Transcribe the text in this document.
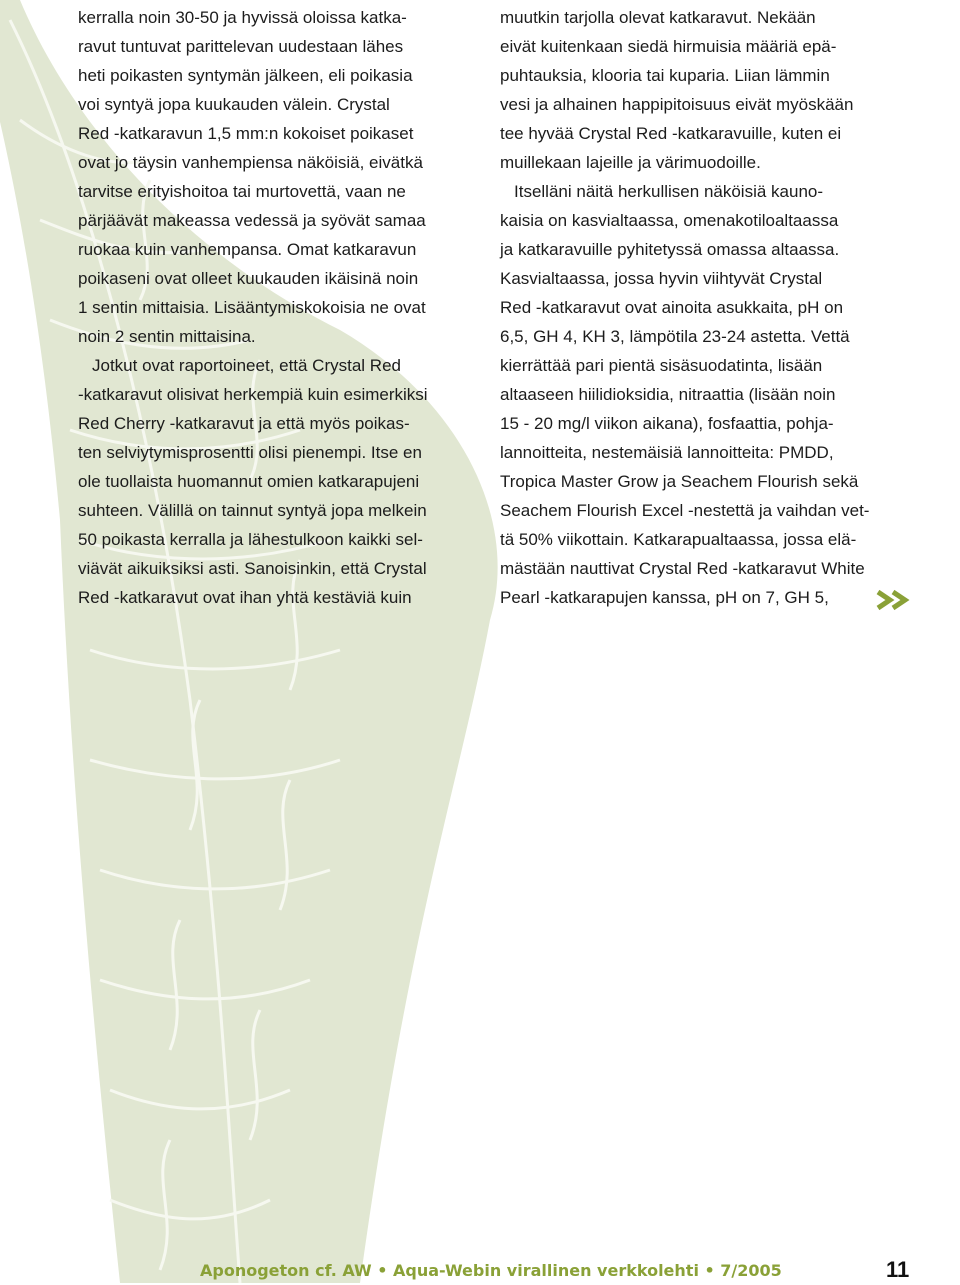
kerralla noin 30-50 ja hyvissä oloissa katka-

ravut tuntuvat parittelevan uudestaan lähes

heti poikasten syntymän jälkeen, eli poikasia

voi syntyä jopa kuukauden välein. Crystal

Red -katkaravun 1,5 mm:n kokoiset poikaset

ovat jo täysin vanhempiensa näköisiä, eivätkä

tarvitse erityishoitoa tai murtovettä, vaan ne

pärjäävät makeassa vedessä ja syövät samaa

ruokaa kuin vanhempansa. Omat katkaravun

poikaseni ovat olleet kuukauden ikäisinä noin

1 sentin mittaisia. Lisääntymiskokoisia ne ovat

noin 2 sentin mittaisina.

Jotkut ovat raportoineet, että Crystal Red

-katkaravut olisivat herkempiä kuin esimerkiksi

Red Cherry -katkaravut ja että myös poikas-

ten selviytymisprosentti olisi pienempi. Itse en

ole tuollaista huomannut omien katkarapujeni

suhteen. Välillä on tainnut syntyä jopa melkein

50 poikasta kerralla ja lähestulkoon kaikki sel-

viävät aikuiksiksi asti. Sanoisinkin, että Crystal

Red -katkaravut ovat ihan yhtä kestäviä kuin

muutkin tarjolla olevat katkaravut. Nekään

eivät kuitenkaan siedä hirmuisia määriä epä-

puhtauksia, klooria tai kuparia. Liian lämmin

vesi ja alhainen happipitoisuus eivät myöskään

tee hyvää Crystal Red -katkaravuille, kuten ei

muillekaan lajeille ja värimuodoille.

Itselläni näitä herkullisen näköisiä kauno-

kaisia on kasvialtaassa, omenakotiloaltaassa

ja katkaravuille pyhitetyssä omassa altaassa.

Kasvialtaassa, jossa hyvin viihtyvät Crystal

Red -katkaravut ovat ainoita asukkaita, pH on

6,5, GH 4, KH 3, lämpötila 23-24 astetta. Vettä

kierrättää pari pientä sisäsuodatinta, lisään

altaaseen hiilidioksidia, nitraattia (lisään noin

15 - 20 mg/l viikon aikana), fosfaattia, pohja-

lannoitteita, nestemäisiä lannoitteita: PMDD,

Tropica Master Grow ja Seachem Flourish sekä

Seachem Flourish Excel -nestettä ja vaihdan vet-

tä 50% viikottain. Katkarapualtaassa, jossa elä-

mästään nauttivat Crystal Red -katkaravut White

Pearl -katkarapujen kanssa, pH on 7, GH 5,

Aponogeton cf. AW • Aqua-Webin virallinen verkkolehti • 7/2005	11
